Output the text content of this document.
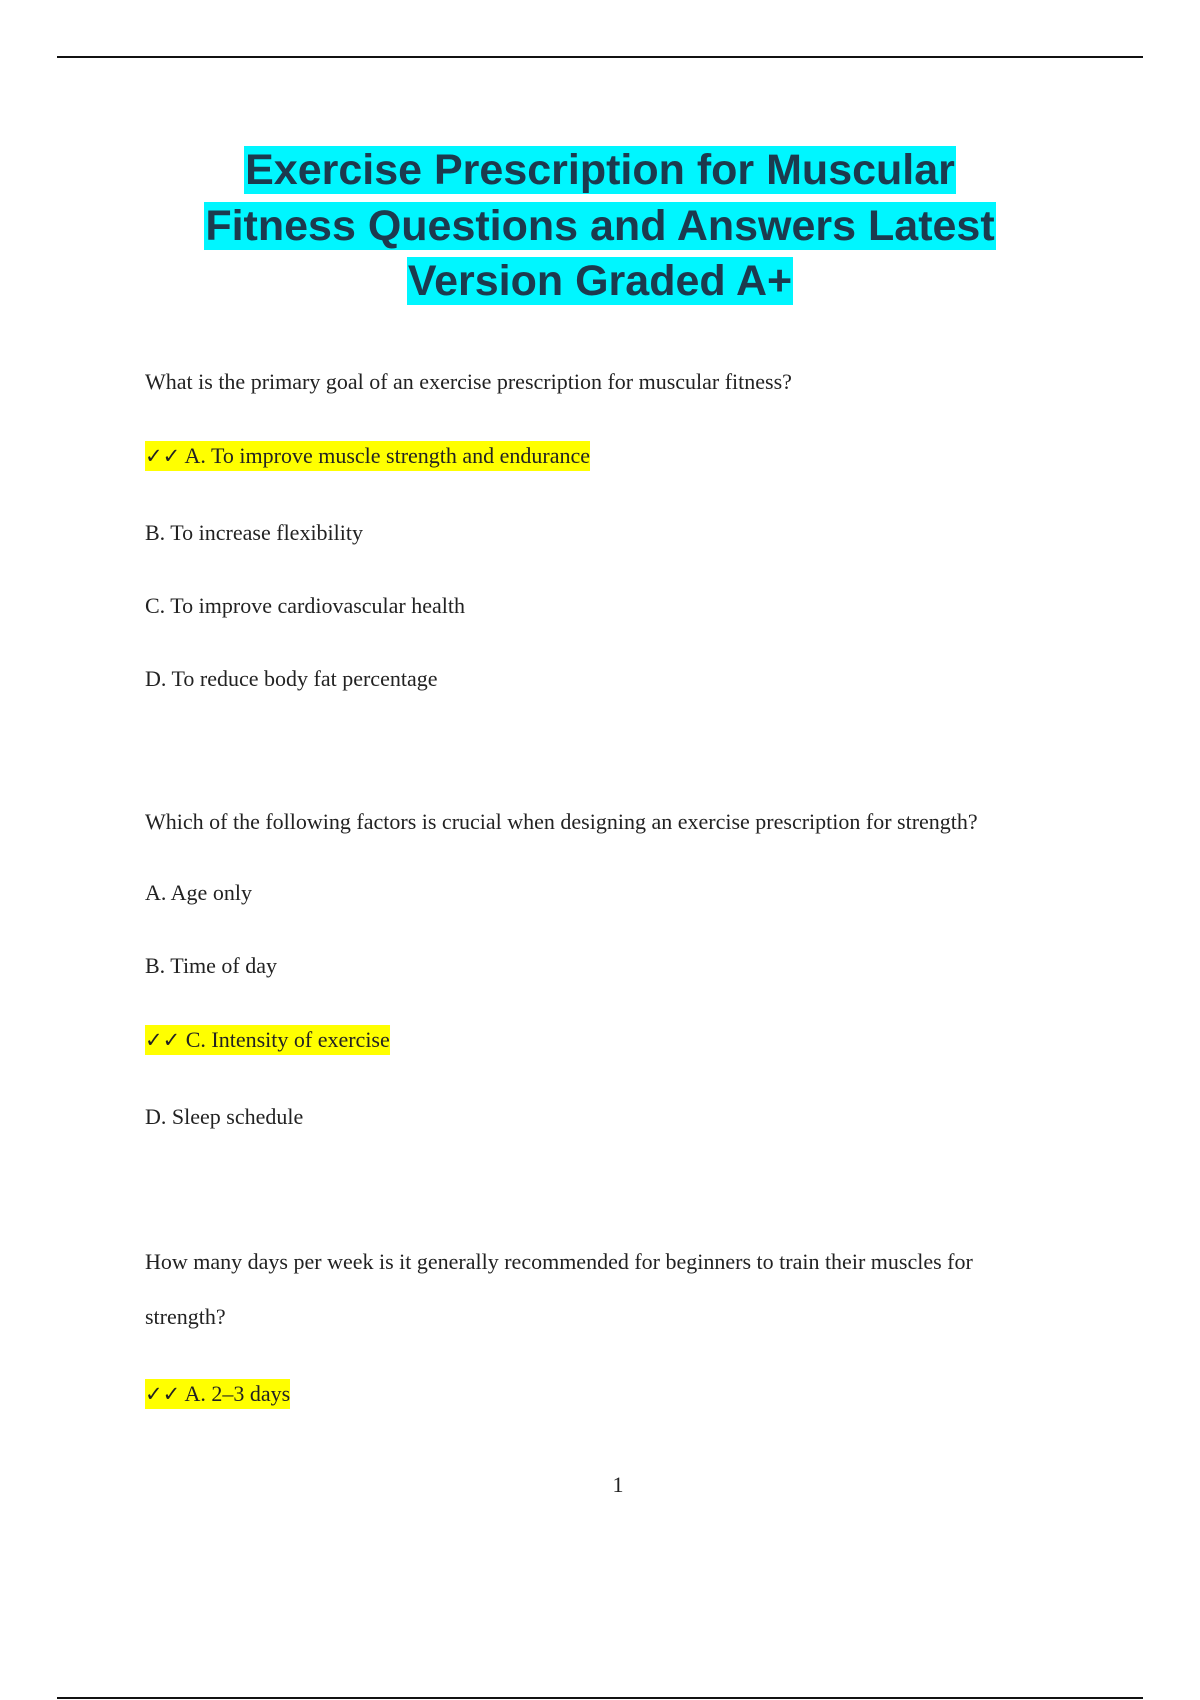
Exercise Prescription for Muscular
Fitness Questions and Answers Latest
Version Graded A+

What is the primary goal of an exercise prescription for muscular fitness?

✓✓ A. To improve muscle strength and endurance

B. To increase flexibility

C. To improve cardiovascular health

D. To reduce body fat percentage

Which of the following factors is crucial when designing an exercise prescription for strength?

A. Age only

B. Time of day

✓✓ C. Intensity of exercise

D. Sleep schedule

How many days per week is it generally recommended for beginners to train their muscles for

strength?

✓✓ A. 2–3 days

1
